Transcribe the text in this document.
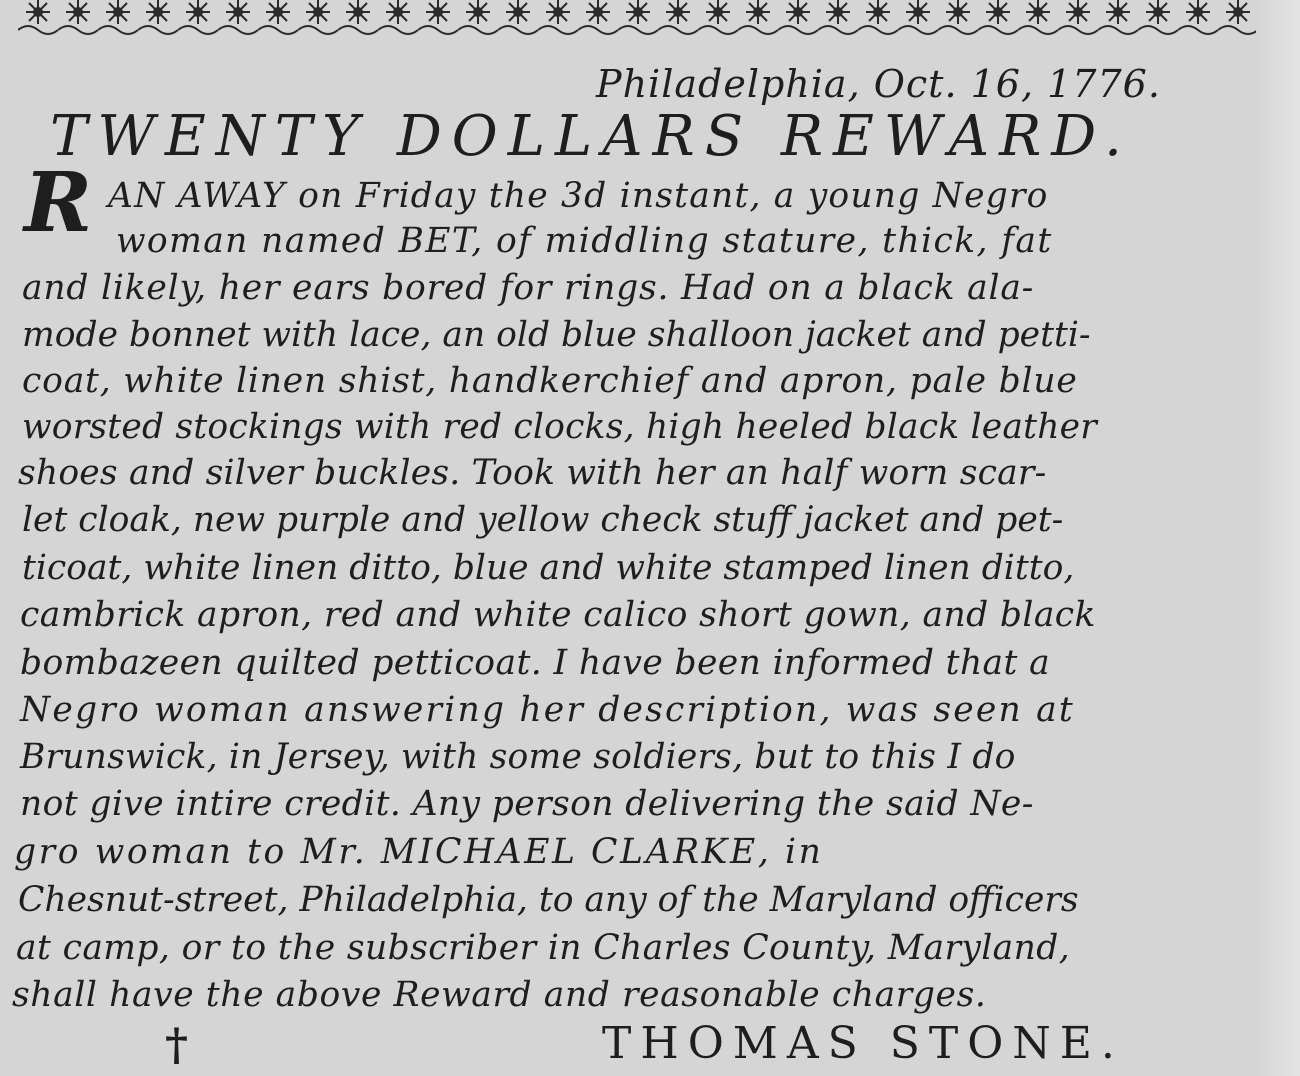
Philadelphia, Oct. 16, 1776.
TWENTY DOLLARS REWARD.
R AN AWAY on Friday the 3d instant, a young Negro
woman named BET, of middling stature, thick, fat
and likely, her ears bored for rings. Had on a black ala-
mode bonnet with lace, an old blue shalloon jacket and petti-
coat, white linen shist, handkerchief and apron, pale blue
worsted stockings with red clocks, high heeled black leather
shoes and silver buckles. Took with her an half worn scar-
let cloak, new purple and yellow check stuff jacket and pet-
ticoat, white linen ditto, blue and white stamped linen ditto,
cambrick apron, red and white calico short gown, and black
bombazeen quilted petticoat. I have been informed that a
Negro woman answering her description, was seen at
Brunswick, in Jersey, with some soldiers, but to this I do
not give intire credit. Any person delivering the said Ne-
gro woman to Mr. MICHAEL CLARKE, in
Chesnut-street, Philadelphia, to any of the Maryland officers
at camp, or to the subscriber in Charles County, Maryland,
shall have the above Reward and reasonable charges.
†	THOMAS STONE.
